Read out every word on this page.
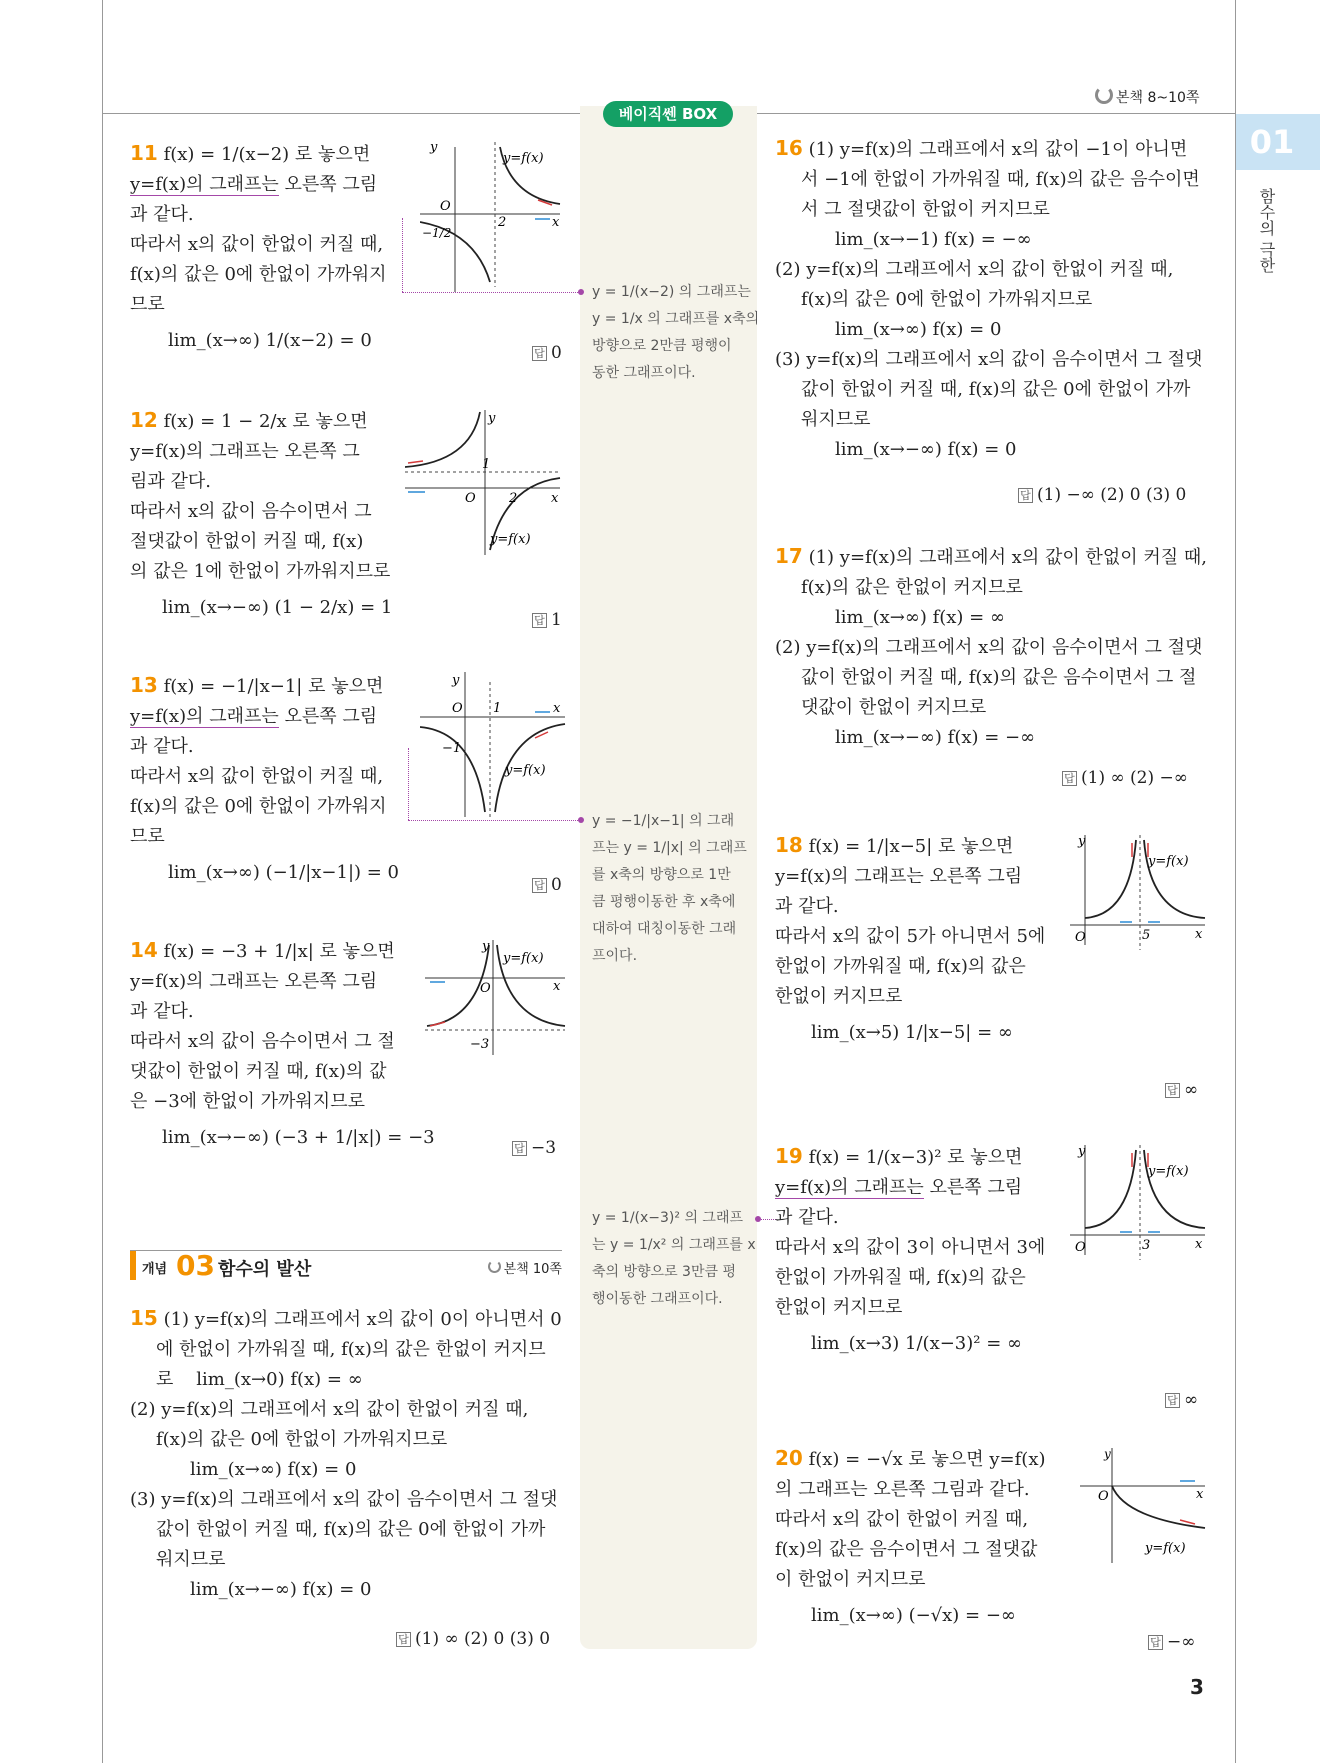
본책 8~10쪽
베이직쎈 BOX
01
함수의 극한
11 f(x) = 1/(x−2) 로 놓으면
y=f(x)의 그래프는 오른쪽 그림
과 같다.
따라서 x의 값이 한없이 커질 때,
f(x)의 값은 0에 한없이 가까워지
므로
lim_(x→∞) 1/(x−2) = 0
답 0
y
x
O
2
y=f(x)
−1/2
12 f(x) = 1 − 2/x 로 놓으면
y=f(x)의 그래프는 오른쪽 그
림과 같다.
따라서 x의 값이 음수이면서 그
절댓값이 한없이 커질 때, f(x)
의 값은 1에 한없이 가까워지므로
lim_(x→−∞) (1 − 2/x) = 1
답 1
y
x
O	2
1
y=f(x)
13 f(x) = −1/|x−1| 로 놓으면
y=f(x)의 그래프는 오른쪽 그림
과 같다.
따라서 x의 값이 한없이 커질 때,
f(x)의 값은 0에 한없이 가까워지
므로
lim_(x→∞) (−1/|x−1|) = 0
답 0
y
x
O 1
−1
y=f(x)
14 f(x) = −3 + 1/|x| 로 놓으면
y=f(x)의 그래프는 오른쪽 그림
과 같다.
따라서 x의 값이 음수이면서 그 절
댓값이 한없이 커질 때, f(x)의 값
은 −3에 한없이 가까워지므로
lim_(x→−∞) (−3 + 1/|x|) = −3
답 −3
y
x
O
−3
y=f(x)
개념 03 함수의 발산	본책 10쪽
15 (1) y=f(x)의 그래프에서 x의 값이 0이 아니면서 0
에 한없이 가까워질 때, f(x)의 값은 한없이 커지므
로 lim_(x→0) f(x) = ∞
(2) y=f(x)의 그래프에서 x의 값이 한없이 커질 때,
f(x)의 값은 0에 한없이 가까워지므로
lim_(x→∞) f(x) = 0
(3) y=f(x)의 그래프에서 x의 값이 음수이면서 그 절댓
값이 한없이 커질 때, f(x)의 값은 0에 한없이 가까
워지므로
lim_(x→−∞) f(x) = 0
답 (1) ∞ (2) 0 (3) 0
y = 1/(x−2) 의 그래프는
y = 1/x 의 그래프를 x축의
방향으로 2만큼 평행이
동한 그래프이다.
y = −1/|x−1| 의 그래
프는 y = 1/|x| 의 그래프
를 x축의 방향으로 1만
큼 평행이동한 후 x축에
대하여 대칭이동한 그래
프이다.
y = 1/(x−3)² 의 그래프
는 y = 1/x² 의 그래프를 x
축의 방향으로 3만큼 평
행이동한 그래프이다.
16 (1) y=f(x)의 그래프에서 x의 값이 −1이 아니면
서 −1에 한없이 가까워질 때, f(x)의 값은 음수이면
서 그 절댓값이 한없이 커지므로
lim_(x→−1) f(x) = −∞
(2) y=f(x)의 그래프에서 x의 값이 한없이 커질 때,
f(x)의 값은 0에 한없이 가까워지므로
lim_(x→∞) f(x) = 0
(3) y=f(x)의 그래프에서 x의 값이 음수이면서 그 절댓
값이 한없이 커질 때, f(x)의 값은 0에 한없이 가까
워지므로
lim_(x→−∞) f(x) = 0
답 (1) −∞ (2) 0 (3) 0
17 (1) y=f(x)의 그래프에서 x의 값이 한없이 커질 때,
f(x)의 값은 한없이 커지므로
lim_(x→∞) f(x) = ∞
(2) y=f(x)의 그래프에서 x의 값이 음수이면서 그 절댓
값이 한없이 커질 때, f(x)의 값은 음수이면서 그 절
댓값이 한없이 커지므로
lim_(x→−∞) f(x) = −∞
답 (1) ∞ (2) −∞
18 f(x) = 1/|x−5| 로 놓으면
y=f(x)의 그래프는 오른쪽 그림
과 같다.
따라서 x의 값이 5가 아니면서 5에
한없이 가까워질 때, f(x)의 값은
한없이 커지므로
lim_(x→5) 1/|x−5| = ∞
답 ∞
y
x
O	5
y=f(x)
19 f(x) = 1/(x−3)² 로 놓으면
y=f(x)의 그래프는 오른쪽 그림
과 같다.
따라서 x의 값이 3이 아니면서 3에
한없이 가까워질 때, f(x)의 값은
한없이 커지므로
lim_(x→3) 1/(x−3)² = ∞
답 ∞
y
x
O	3
y=f(x)
20 f(x) = −√x 로 놓으면 y=f(x)
의 그래프는 오른쪽 그림과 같다.
따라서 x의 값이 한없이 커질 때,
f(x)의 값은 음수이면서 그 절댓값
이 한없이 커지므로
lim_(x→∞) (−√x) = −∞
답 −∞
y
x
O
y=f(x)
3
